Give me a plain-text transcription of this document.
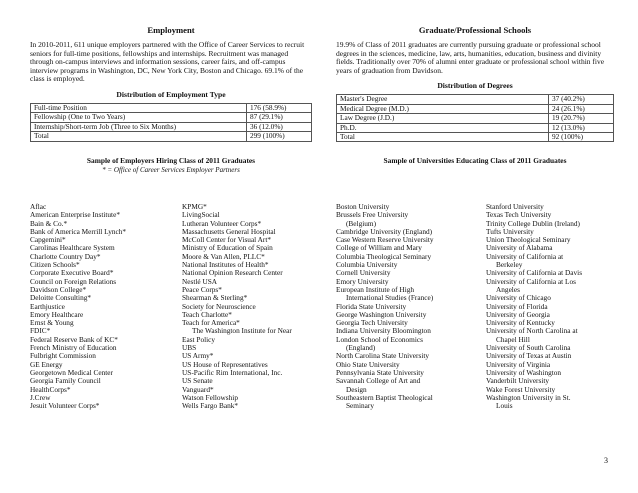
Employment

In 2010-2011, 611 unique employers partnered with the Office of Career Services to recruit seniors for full-time positions, fellowships and internships. Recruitment was managed through on-campus interviews and information sessions, career fairs, and off-campus interview programs in Washington, DC, New York City, Boston and Chicago. 69.1% of the class is employed.

Distribution of Employment Type
Full-time Position	176 (58.9%)
Fellowship (One to Two Years)	87 (29.1%)
Internship/Short-term Job (Three to Six Months)	36 (12.0%)
Total	299 (100%)
Sample of Employers Hiring Class of 2011 Graduates
* = Office of Career Services Employer Partners
Graduate/Professional Schools

19.9% of Class of 2011 graduates are currently pursuing graduate or professional school degrees in the sciences, medicine, law, arts, humanities, education, business and divinity fields. Traditionally over 70% of alumni enter graduate or professional school within five years of graduation from Davidson.

Distribution of Degrees
Master's Degree	37 (40.2%)
Medical Degree (M.D.)	24 (26.1%)
Law Degree (J.D.)	19 (20.7%)
Ph.D.	12 (13.0%)
Total	92 (100%)
Sample of Universities Educating Class of 2011 Graduates
Aflac
American Enterprise Institute*
Bain & Co.*
Bank of America Merrill Lynch*
Capgemini*
Carolinas Healthcare System
Charlotte Country Day*
Citizen Schools*
Corporate Executive Board*
Council on Foreign Relations
Davidson College*
Deloitte Consulting*
Earthjustice
Emory Healthcare
Ernst & Young
FDIC*
Federal Reserve Bank of KC*
French Ministry of Education
Fulbright Commission
GE Energy
Georgetown Medical Center
Georgia Family Council
HealthCorps*
J.Crew
Jesuit Volunteer Corps*
KPMG*
LivingSocial
Lutheran Volunteer Corps*
Massachusetts General Hospital
McColl Center for Visual Art*
Ministry of Education of Spain
Moore & Van Allen, PLLC*
National Institutes of Health*
National Opinion Research Center
Nestlé USA
Peace Corps*
Shearman & Sterling*
Society for Neuroscience
Teach Charlotte*
Teach for America*
The Washington Institute for Near
East Policy
UBS
US Army*
US House of Representatives
US-Pacific Rim International, Inc.
US Senate
Vanguard*
Watson Fellowship
Wells Fargo Bank*
Boston University
Brussels Free University
(Belgium)
Cambridge University (England)
Case Western Reserve University
College of William and Mary
Columbia Theological Seminary
Columbia University
Cornell University
Emory University
European Institute of High
International Studies (France)
Florida State University
George Washington University
Georgia Tech University
Indiana University Bloomington
London School of Economics
(England)
North Carolina State University
Ohio State University
Pennsylvania State University
Savannah College of Art and
Design
Southeastern Baptist Theological
Seminary
Stanford University
Texas Tech University
Trinity College Dublin (Ireland)
Tufts University
Union Theological Seminary
University of Alabama
University of California at
Berkeley
University of California at Davis
University of California at Los
Angeles
University of Chicago
University of Florida
University of Georgia
University of Kentucky
University of North Carolina at
Chapel Hill
University of South Carolina
University of Texas at Austin
University of Virginia
University of Washington
Vanderbilt University
Wake Forest University
Washington University in St.
Louis
3
